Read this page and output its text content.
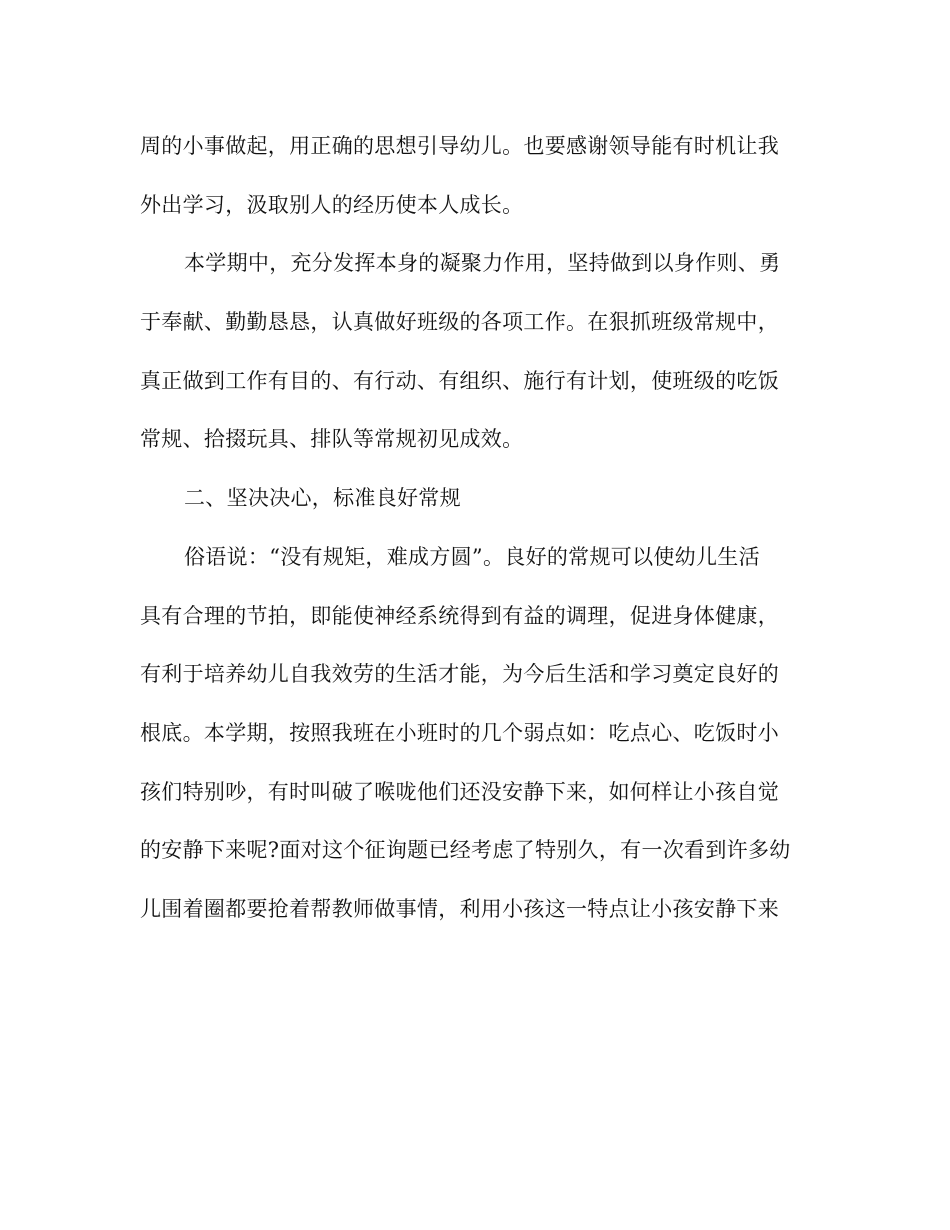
周的小事做起，用正确的思想引导幼儿。也要感谢领导能有时机让我
外出学习，汲取别人的经历使本人成长。
本学期中，充分发挥本身的凝聚力作用，坚持做到以身作则、勇
于奉献、勤勤恳恳，认真做好班级的各项工作。在狠抓班级常规中，
真正做到工作有目的、有行动、有组织、施行有计划，使班级的吃饭
常规、拾掇玩具、排队等常规初见成效。
二、坚决决心，标准良好常规
俗语说：“没有规矩，难成方圆”。良好的常规可以使幼儿生活
具有合理的节拍，即能使神经系统得到有益的调理，促进身体健康，
有利于培养幼儿自我效劳的生活才能，为今后生活和学习奠定良好的
根底。本学期，按照我班在小班时的几个弱点如：吃点心、吃饭时小
孩们特别吵，有时叫破了喉咙他们还没安静下来，如何样让小孩自觉
的安静下来呢?面对这个征询题已经考虑了特别久，有一次看到许多幼
儿围着圈都要抢着帮教师做事情，利用小孩这一特点让小孩安静下来
